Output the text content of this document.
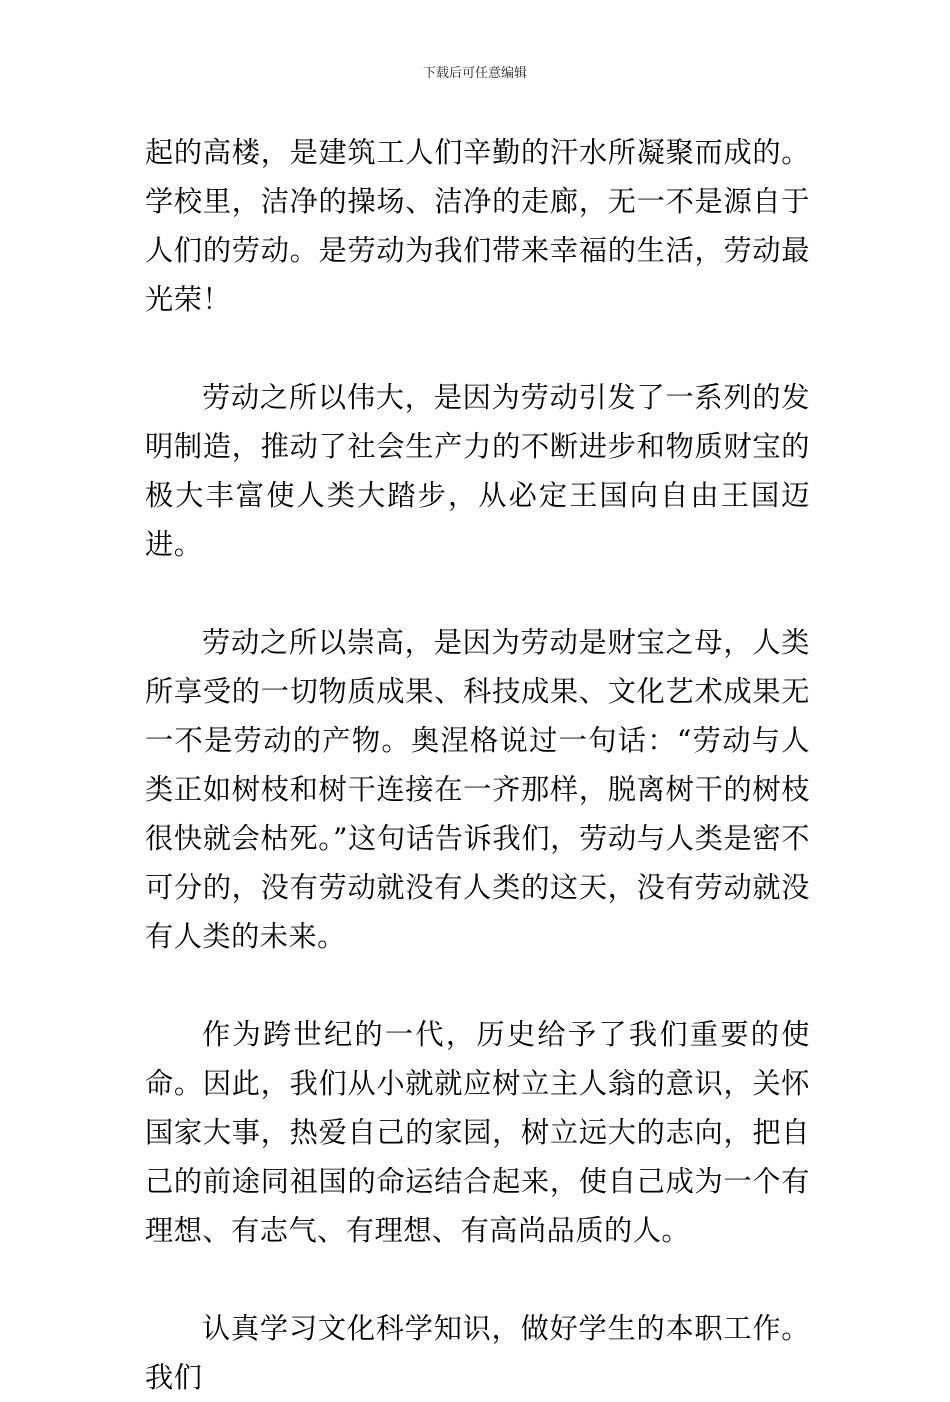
下载后可任意编辑

起的高楼，是建筑工人们辛勤的汗水所凝聚而成的。学校里，洁净的操场、洁净的走廊，无一不是源自于人们的劳动。是劳动为我们带来幸福的生活，劳动最光荣！

劳动之所以伟大，是因为劳动引发了一系列的发明制造，推动了社会生产力的不断进步和物质财宝的极大丰富使人类大踏步，从必定王国向自由王国迈进。

劳动之所以崇高，是因为劳动是财宝之母，人类所享受的一切物质成果、科技成果、文化艺术成果无一不是劳动的产物。奥涅格说过一句话：“劳动与人类正如树枝和树干连接在一齐那样，脱离树干的树枝很快就会枯死。”这句话告诉我们，劳动与人类是密不可分的，没有劳动就没有人类的这天，没有劳动就没有人类的未来。

作为跨世纪的一代，历史给予了我们重要的使命。因此，我们从小就就应树立主人翁的意识，关怀国家大事，热爱自己的家园，树立远大的志向，把自己的前途同祖国的命运结合起来，使自己成为一个有理想、有志气、有理想、有高尚品质的人。

认真学习文化科学知识，做好学生的本职工作。我们
